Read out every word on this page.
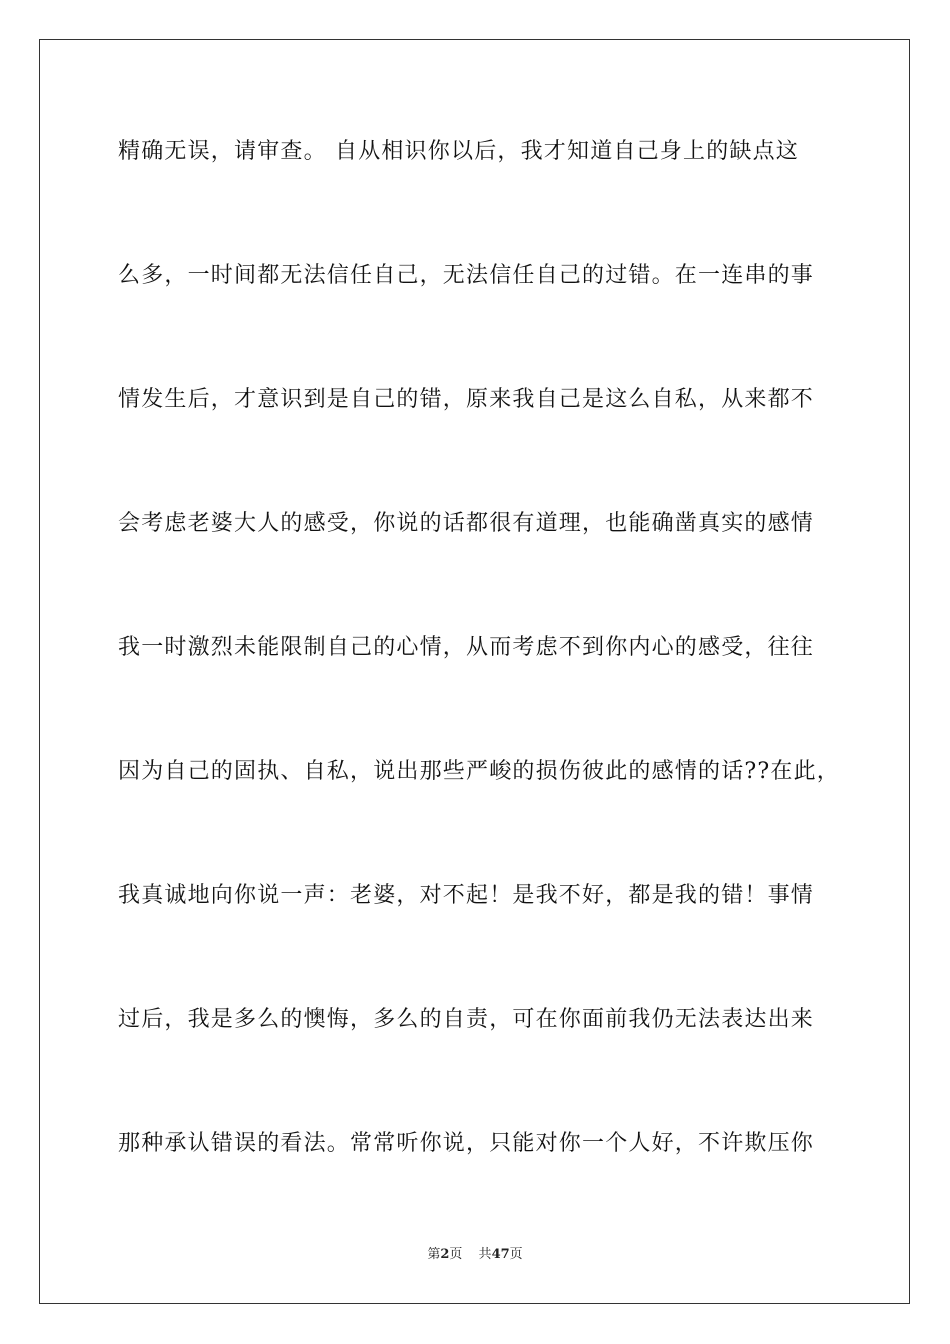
精确无误，请审查。 自从相识你以后，我才知道自己身上的缺点这
么多，一时间都无法信任自己，无法信任自己的过错。在一连串的事
情发生后，才意识到是自己的错，原来我自己是这么自私，从来都不
会考虑老婆大人的感受，你说的话都很有道理，也能确凿真实的感情
我一时激烈未能限制自己的心情，从而考虑不到你内心的感受，往往
因为自己的固执、自私，说出那些严峻的损伤彼此的感情的话??在此，
我真诚地向你说一声：老婆，对不起！是我不好，都是我的错！事情
过后，我是多么的懊悔，多么的自责，可在你面前我仍无法表达出来
那种承认错误的看法。常常听你说，只能对你一个人好，不许欺压你
第2页 共47页
